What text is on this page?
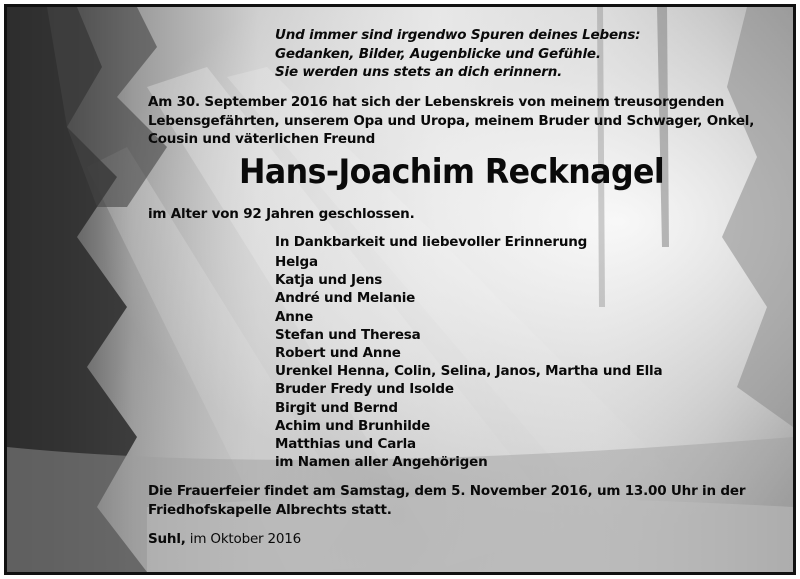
Und immer sind irgendwo Spuren deines Lebens:
Gedanken, Bilder, Augenblicke und Gefühle.
Sie werden uns stets an dich erinnern.
Am 30. September 2016 hat sich der Lebenskreis von meinem treusorgenden
Lebensgefährten, unserem Opa und Uropa, meinem Bruder und Schwager, Onkel,
Cousin und väterlichen Freund
Hans-Joachim Recknagel
im Alter von 92 Jahren geschlossen.
In Dankbarkeit und liebevoller Erinnerung
Helga
Katja und Jens
André und Melanie
Anne
Stefan und Theresa
Robert und Anne
Urenkel Henna, Colin, Selina, Janos, Martha und Ella
Bruder Fredy und Isolde
Birgit und Bernd
Achim und Brunhilde
Matthias und Carla
im Namen aller Angehörigen
Die Frauerfeier findet am Samstag, dem 5. November 2016, um 13.00 Uhr in der
Friedhofskapelle Albrechts statt.
Suhl, im Oktober 2016
